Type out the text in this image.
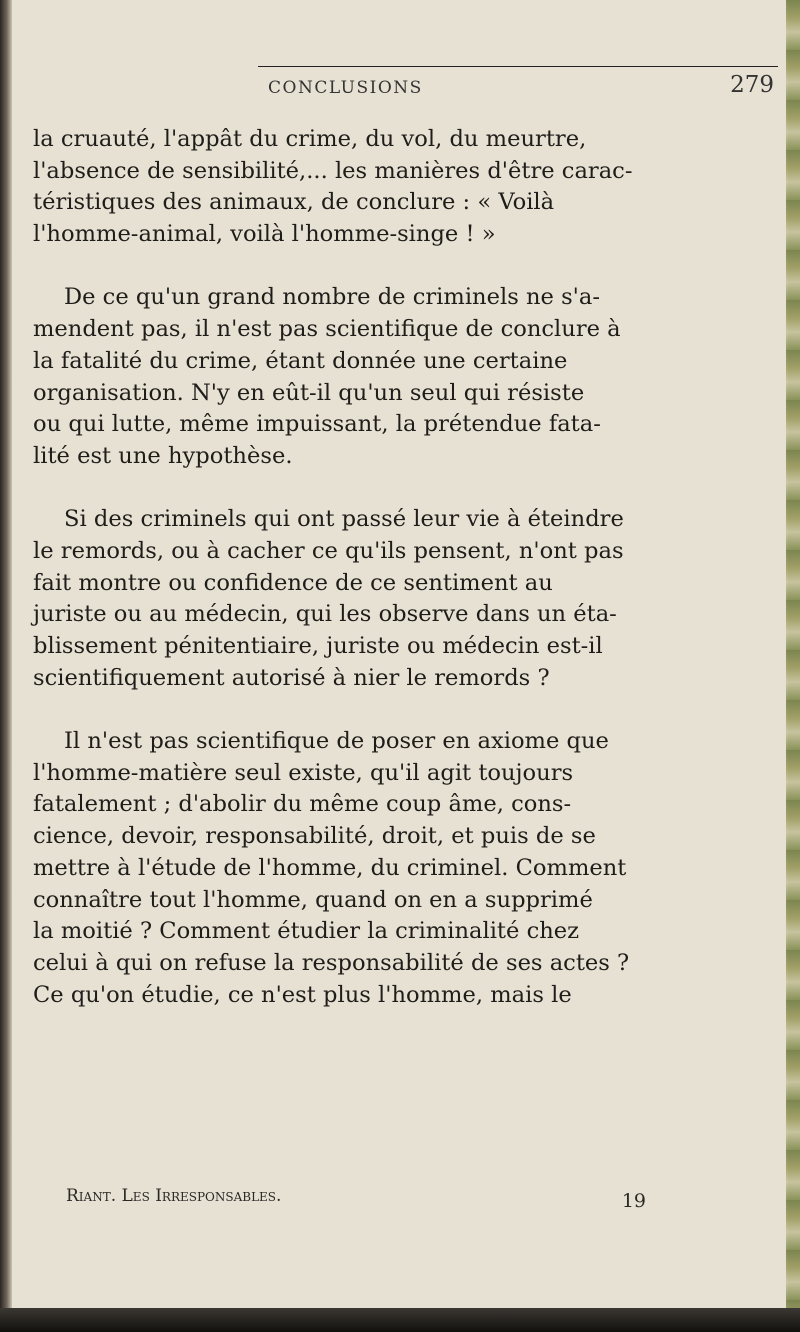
CONCLUSIONS	279
la cruauté, l'appât du crime, du vol, du meurtre,
l'absence de sensibilité,... les manières d'être carac-
téristiques des animaux, de conclure : « Voilà
l'homme-animal, voilà l'homme-singe ! »
De ce qu'un grand nombre de criminels ne s'a-
mendent pas, il n'est pas scientifique de conclure à
la fatalité du crime, étant donnée une certaine
organisation. N'y en eût-il qu'un seul qui résiste
ou qui lutte, même impuissant, la prétendue fata-
lité est une hypothèse.
Si des criminels qui ont passé leur vie à éteindre
le remords, ou à cacher ce qu'ils pensent, n'ont pas
fait montre ou confidence de ce sentiment au
juriste ou au médecin, qui les observe dans un éta-
blissement pénitentiaire, juriste ou médecin est-il
scientifiquement autorisé à nier le remords ?
Il n'est pas scientifique de poser en axiome que
l'homme-matière seul existe, qu'il agit toujours
fatalement ; d'abolir du même coup âme, cons-
cience, devoir, responsabilité, droit, et puis de se
mettre à l'étude de l'homme, du criminel. Comment
connaître tout l'homme, quand on en a supprimé
la moitié ? Comment étudier la criminalité chez
celui à qui on refuse la responsabilité de ses actes ?
Ce qu'on étudie, ce n'est plus l'homme, mais le
Riant. Les Irresponsables.	19
